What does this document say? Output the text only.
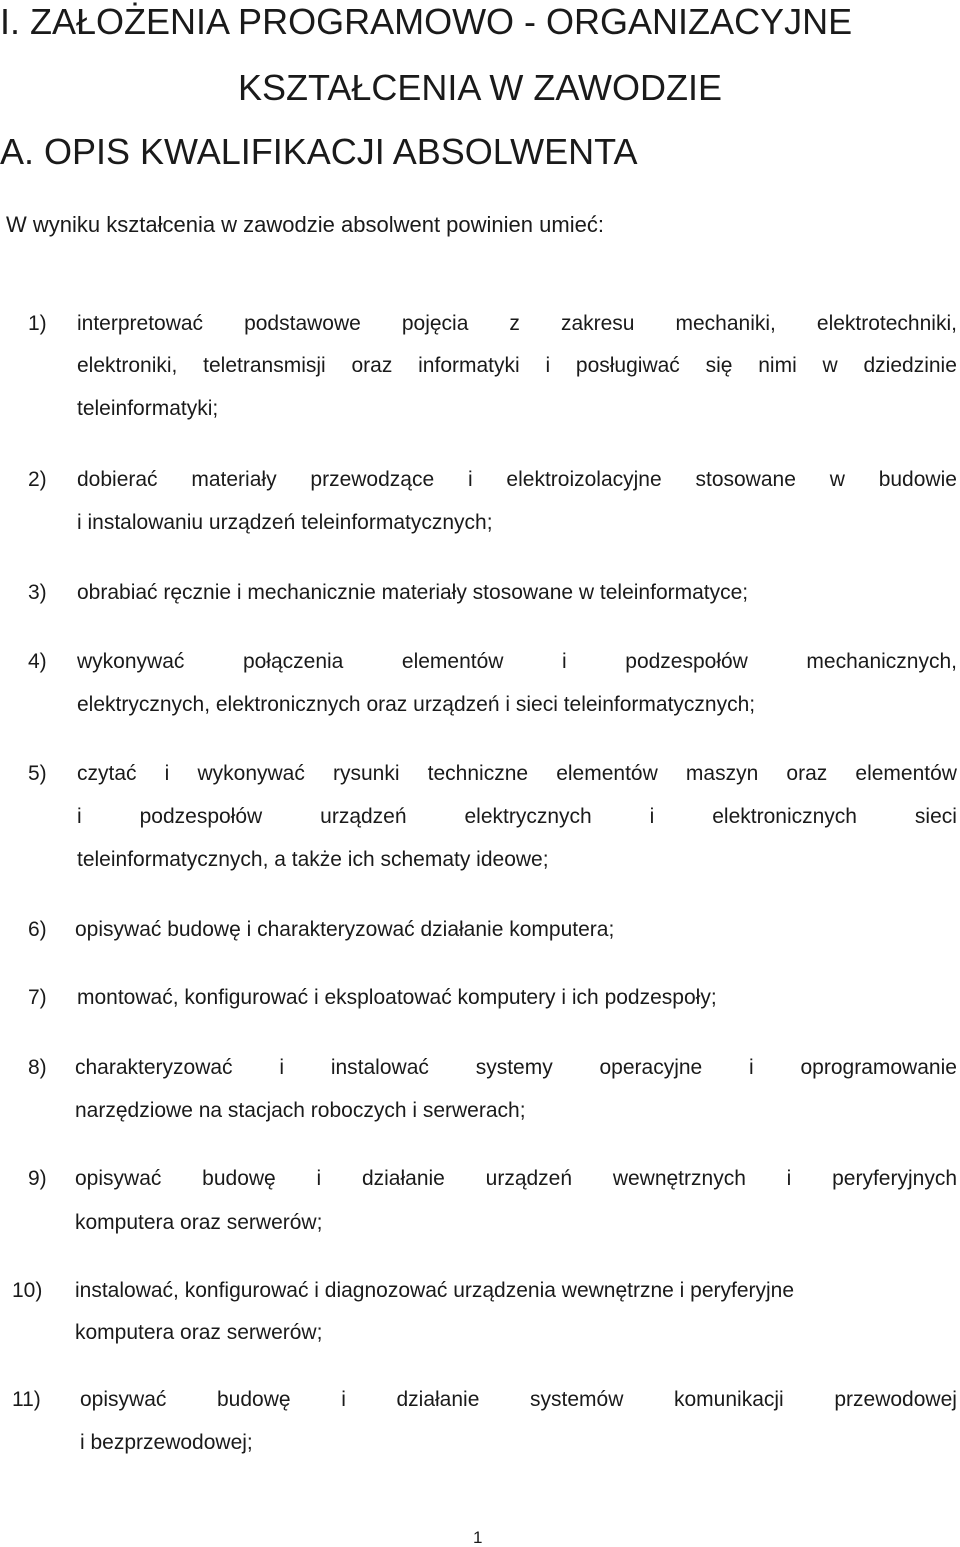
I. ZAŁOŻENIA PROGRAMOWO - ORGANIZACYJNE
KSZTAŁCENIA W ZAWODZIE
A. OPIS KWALIFIKACJI ABSOLWENTA
W wyniku kształcenia w zawodzie absolwent powinien umieć:
1) interpretować podstawowe pojęcia z zakresu mechaniki, elektrotechniki,
elektroniki, teletransmisji oraz informatyki i posługiwać się nimi w dziedzinie
teleinformatyki;
2) dobierać materiały przewodzące i elektroizolacyjne stosowane w budowie
i instalowaniu urządzeń teleinformatycznych;
3) obrabiać ręcznie i mechanicznie materiały stosowane w teleinformatyce;
4) wykonywać	połączenia	elementów	i	podzespołów	mechanicznych,
elektrycznych, elektronicznych oraz urządzeń i sieci teleinformatycznych;
5) czytać i wykonywać rysunki techniczne elementów maszyn oraz elementów
i	podzespołów	urządzeń	elektrycznych	i	elektronicznych	sieci
teleinformatycznych, a także ich schematy ideowe;
6) opisywać budowę i charakteryzować działanie komputera;
7) montować, konfigurować i eksploatować komputery i ich podzespoły;
8) charakteryzować i instalować systemy operacyjne i oprogramowanie
narzędziowe na stacjach roboczych i serwerach;
9) opisywać budowę i działanie urządzeń wewnętrznych i peryferyjnych
komputera oraz serwerów;
10) instalować, konfigurować i diagnozować urządzenia wewnętrzne i peryferyjne
komputera oraz serwerów;
11) opisywać budowę i działanie systemów komunikacji przewodowej
i bezprzewodowej;
1
